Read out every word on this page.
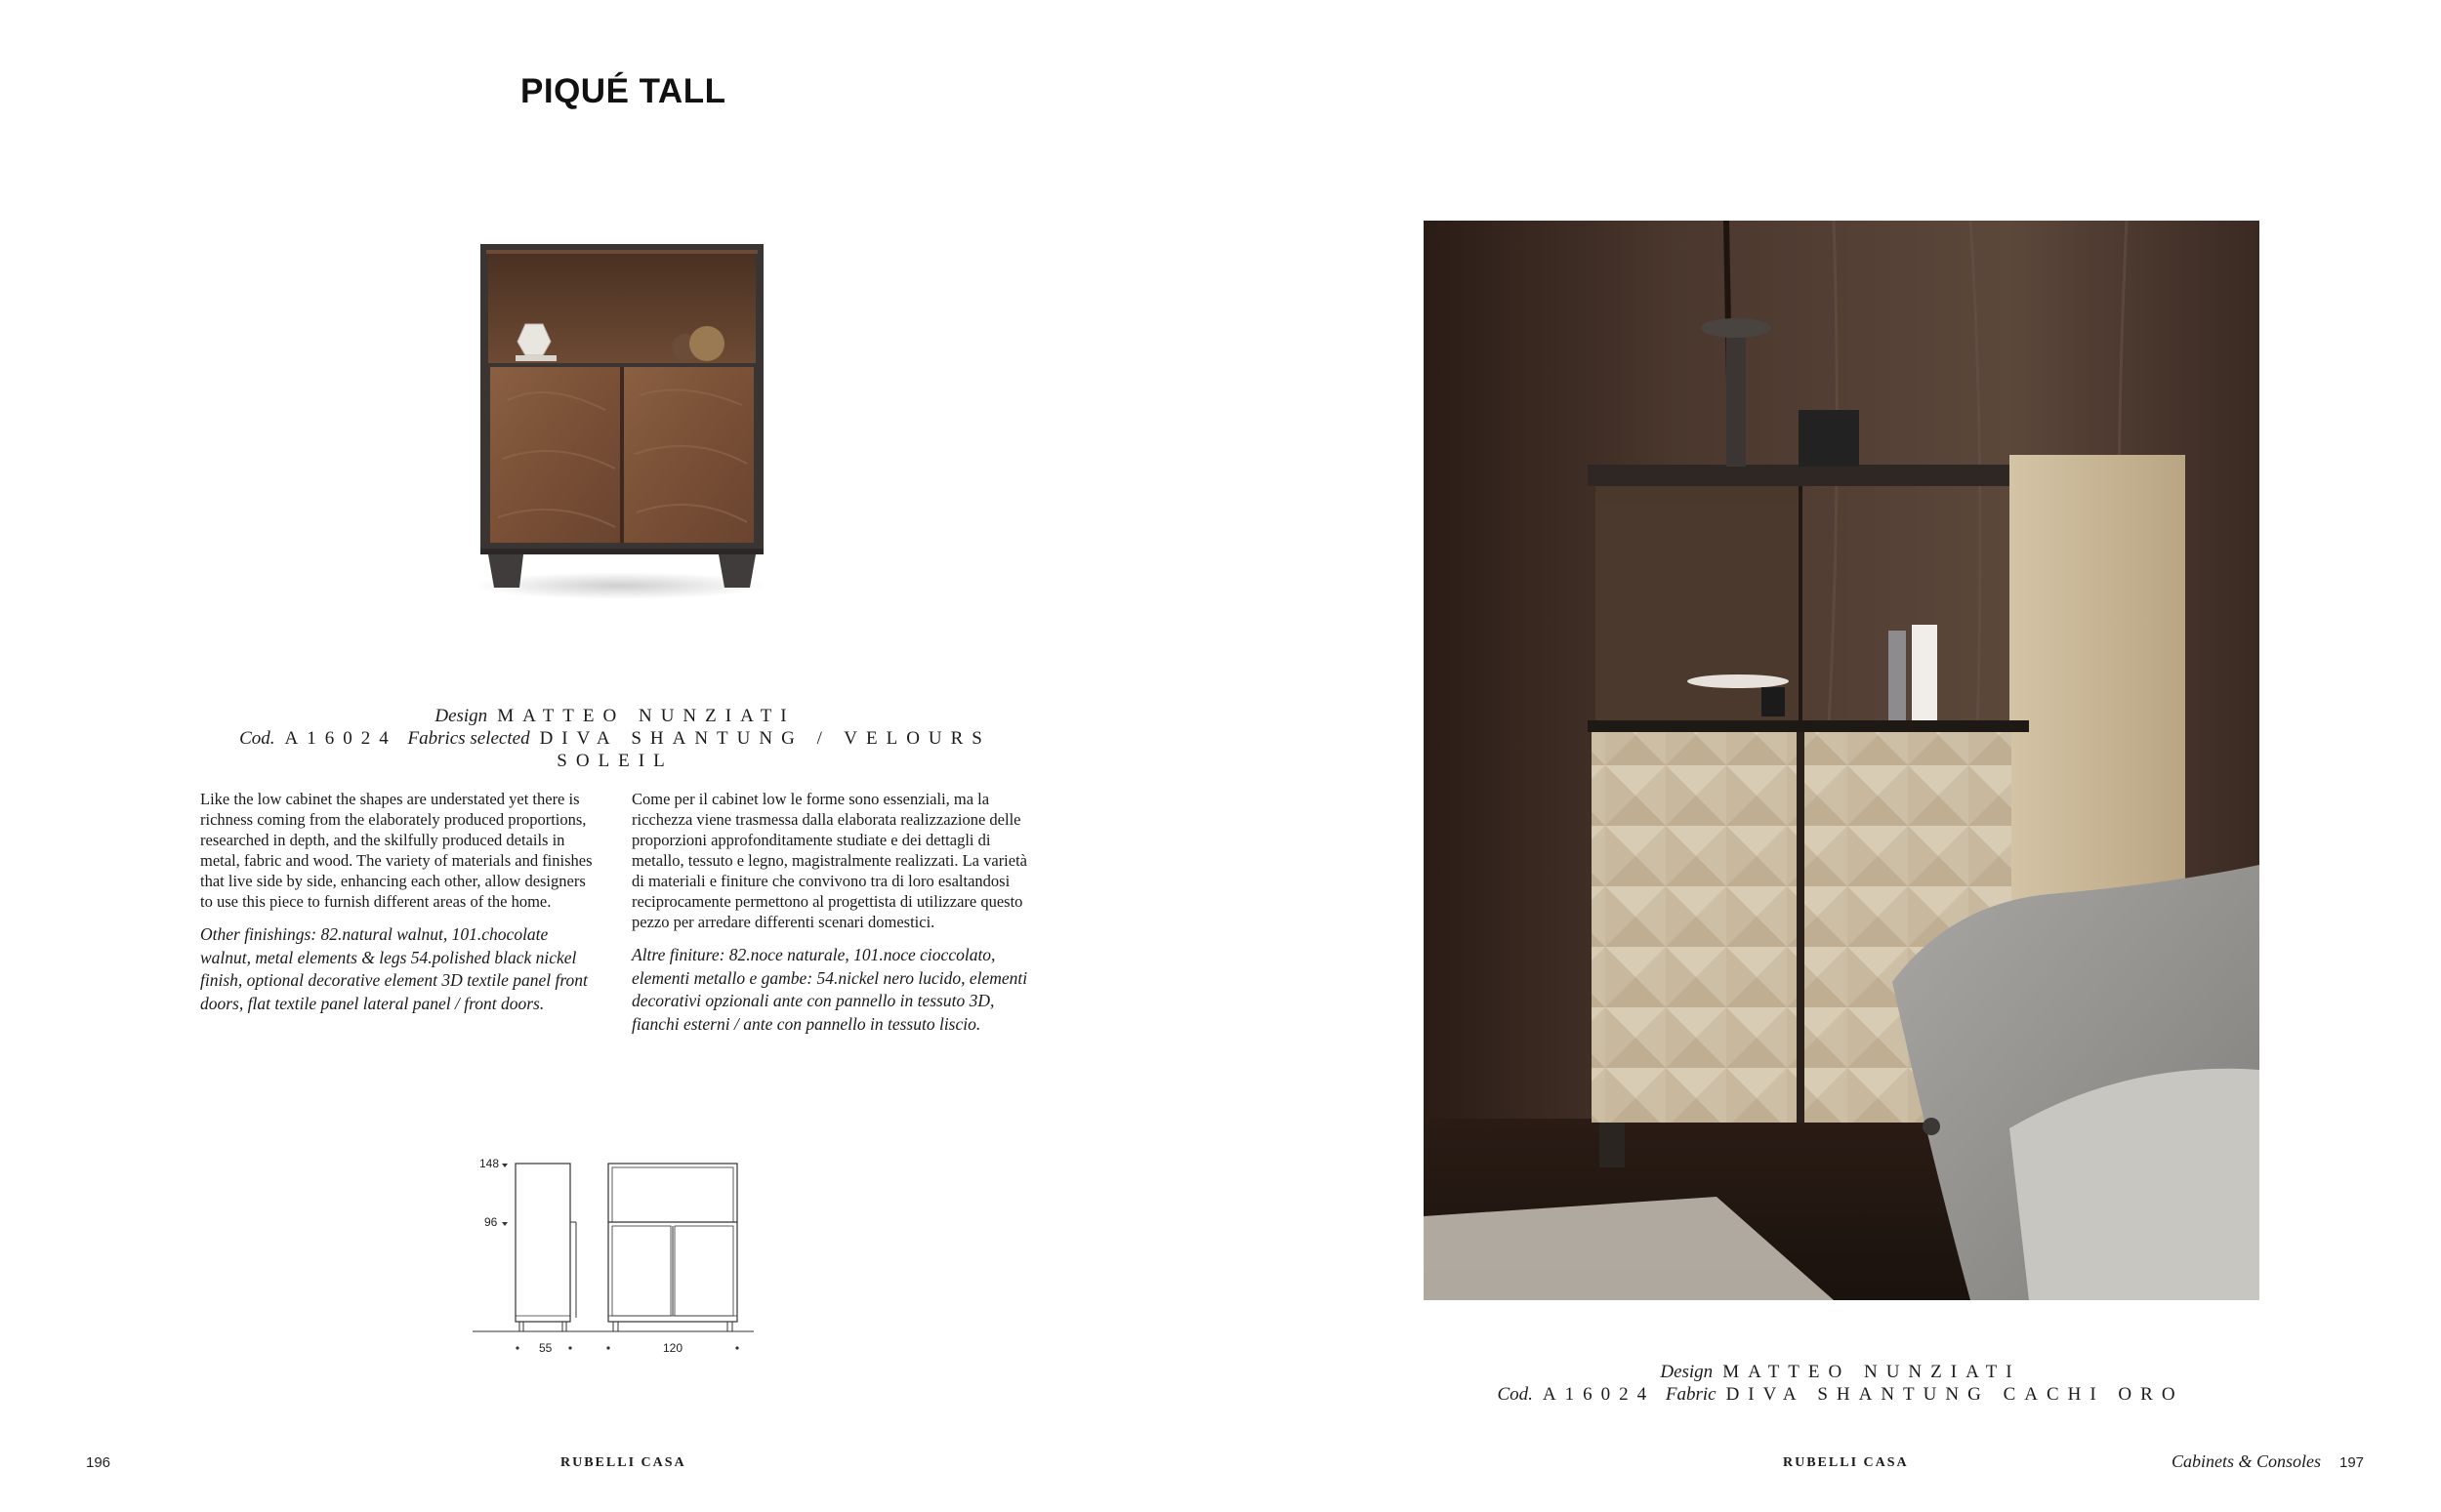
PIQUÉ TALL
Design MATTEO NUNZIATI
Cod. A16024 Fabrics selected DIVA SHANTUNG / VELOURS SOLEIL

Like the low cabinet the shapes are understated yet there is richness coming from the elaborately produced proportions, researched in depth, and the skilfully produced details in metal, fabric and wood. The variety of materials and finishes that live side by side, enhancing each other, allow designers to use this piece to furnish different areas of the home.

Other finishings: 82.natural walnut, 101.chocolate walnut, metal elements & legs 54.polished black nickel finish, optional decorative element 3D textile panel front doors, flat textile panel lateral panel / front doors.

Come per il cabinet low le forme sono essenziali, ma la ricchezza viene trasmessa dalla elaborata realizzazione delle proporzioni approfonditamente studiate e dei dettagli di metallo, tessuto e legno, magistralmente realizzati. La varietà di materiali e finiture che convivono tra di loro esaltandosi reciprocamente permettono al progettista di utilizzare questo pezzo per arredare differenti scenari domestici.

Altre finiture: 82.noce naturale, 101.noce cioccolato, elementi metallo e gambe: 54.nickel nero lucido, elementi decorativi opzionali ante con pannello in tessuto 3D, fianchi esterni / ante con pannello in tessuto liscio.

148
96
55	120
196	RUBELLI CASA
Design MATTEO NUNZIATI
Cod. A16024 Fabric DIVA SHANTUNG CACHI ORO
RUBELLI CASA	Cabinets & Consoles 197
